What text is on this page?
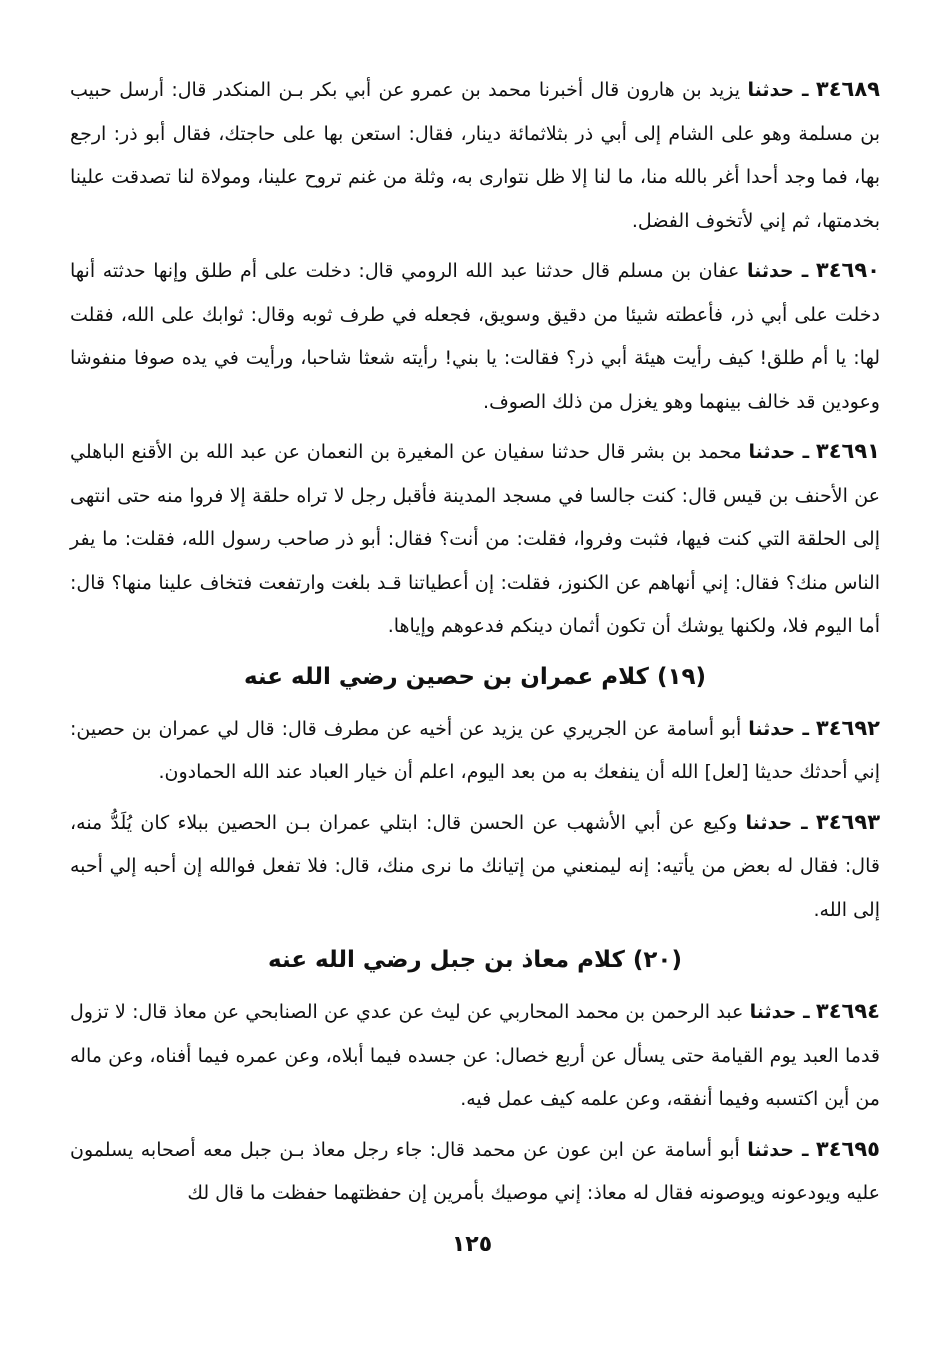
٣٤٦٨٩ ـ حدثنا يزيد بن هارون قال أخبرنا محمد بن عمرو عن أبي بكر بـن المنكدر قال: أرسل حبيب بن مسلمة وهو على الشام إلى أبي ذر بثلاثمائة دينار، فقال: استعن بها على حاجتك، فقال أبو ذر: ارجع بها، فما وجد أحدا أغر بالله منا، ما لنا إلا ظل نتوارى به، وثلة من غنم تروح علينا، ومولاة لنا تصدقت علينا بخدمتها، ثم إني لأتخوف الفضل.

٣٤٦٩٠ ـ حدثنا عفان بن مسلم قال حدثنا عبد الله الرومي قال: دخلت على أم طلق وإنها حدثته أنها دخلت على أبي ذر، فأعطته شيئا من دقيق وسويق، فجعله في طرف ثوبه وقال: ثوابك على الله، فقلت لها: يا أم طلق! كيف رأيت هيئة أبي ذر؟ فقالت: يا بني! رأيته شعثا شاحبا، ورأيت في يده صوفا منفوشا وعودين قد خالف بينهما وهو يغزل من ذلك الصوف.

٣٤٦٩١ ـ حدثنا محمد بن بشر قال حدثنا سفيان عن المغيرة بن النعمان عن عبد الله بن الأقنع الباهلي عن الأحنف بن قيس قال: كنت جالسا في مسجد المدينة فأقبل رجل لا تراه حلقة إلا فروا منه حتى انتهى إلى الحلقة التي كنت فيها، فثبت وفروا، فقلت: من أنت؟ فقال: أبو ذر صاحب رسول الله، فقلت: ما يفر الناس منك؟ فقال: إني أنهاهم عن الكنوز، فقلت: إن أعطياتنا قـد بلغت وارتفعت فتخاف علينا منها؟ قال: أما اليوم فلا، ولكنها يوشك أن تكون أثمان دينكم فدعوهم وإياها.

(١٩) كلام عمران بن حصين رضي الله عنه

٣٤٦٩٢ ـ حدثنا أبو أسامة عن الجريري عن يزيد عن أخيه عن مطرف قال: قال لي عمران بن حصين: إني أحدثك حديثا [لعل] الله أن ينفعك به من بعد اليوم، اعلم أن خيار العباد عند الله الحمادون.

٣٤٦٩٣ ـ حدثنا وكيع عن أبي الأشهب عن الحسن قال: ابتلي عمران بـن الحصين ببلاء كان يُلَدُّ منه، قال: فقال له بعض من يأتيه: إنه ليمنعني من إتيانك ما نرى منك، قال: فلا تفعل فوالله إن أحبه إلي أحبه إلى الله.

(٢٠) كلام معاذ بن جبل رضي الله عنه

٣٤٦٩٤ ـ حدثنا عبد الرحمن بن محمد المحاربي عن ليث عن عدي عن الصنابحي عن معاذ قال: لا تزول قدما العبد يوم القيامة حتى يسأل عن أربع خصال: عن جسده فيما أبلاه، وعن عمره فيما أفناه، وعن ماله من أين اكتسبه وفيما أنفقه، وعن علمه كيف عمل فيه.

٣٤٦٩٥ ـ حدثنا أبو أسامة عن ابن عون عن محمد قال: جاء رجل معاذ بـن جبل معه أصحابه يسلمون عليه ويودعونه ويوصونه فقال له معاذ: إني موصيك بأمرين إن حفظتهما حفظت ما قال لك

١٢٥
